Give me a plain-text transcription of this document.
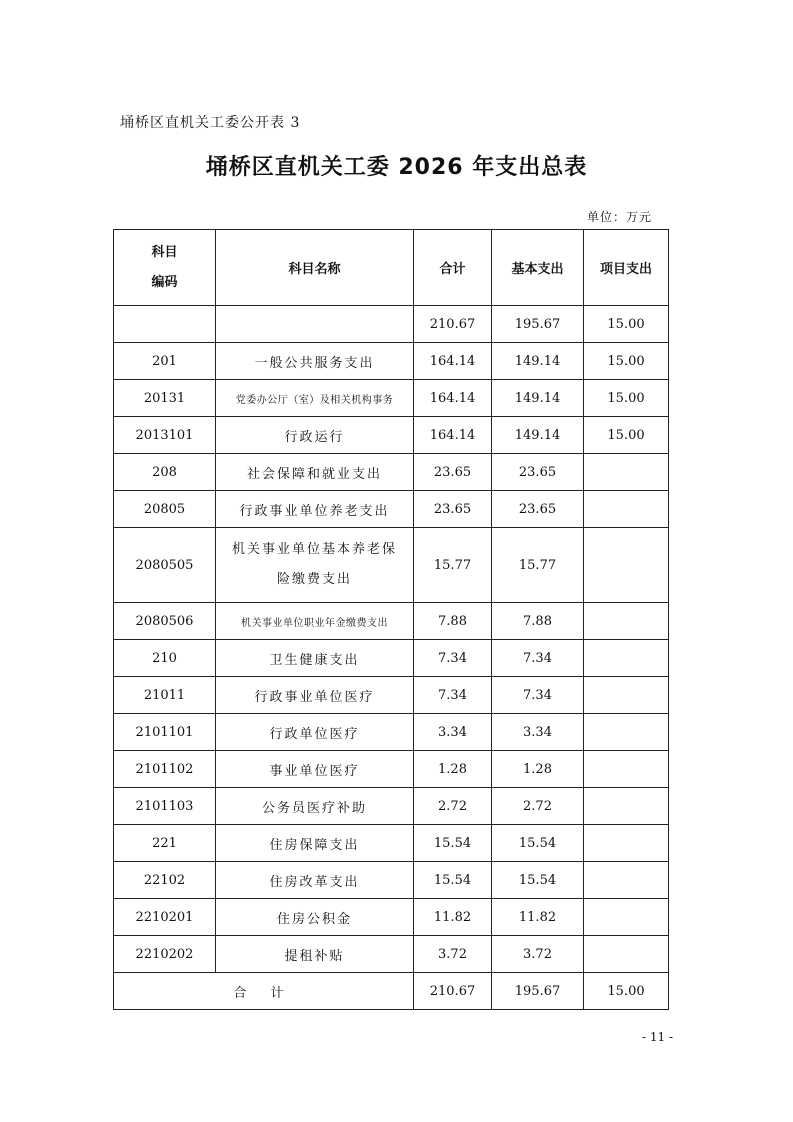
埇桥区直机关工委公开表 3
埇桥区直机关工委 2026 年支出总表
单位：万元
科目
编码	科目名称	合计	基本支出	项目支出
		210.67	195.67	15.00
201	一般公共服务支出	164.14	149.14	15.00
20131	党委办公厅（室）及相关机构事务	164.14	149.14	15.00
2013101	行政运行	164.14	149.14	15.00
208	社会保障和就业支出	23.65	23.65	
20805	行政事业单位养老支出	23.65	23.65	
2080505	机关事业单位基本养老保
险缴费支出	15.77	15.77	
2080506	机关事业单位职业年金缴费支出	7.88	7.88	
210	卫生健康支出	7.34	7.34	
21011	行政事业单位医疗	7.34	7.34	
2101101	行政单位医疗	3.34	3.34	
2101102	事业单位医疗	1.28	1.28	
2101103	公务员医疗补助	2.72	2.72	
221	住房保障支出	15.54	15.54	
22102	住房改革支出	15.54	15.54	
2210201	住房公积金	11.82	11.82	
2210202	提租补贴	3.72	3.72	
合 计		210.67	195.67	15.00
- 11 -
